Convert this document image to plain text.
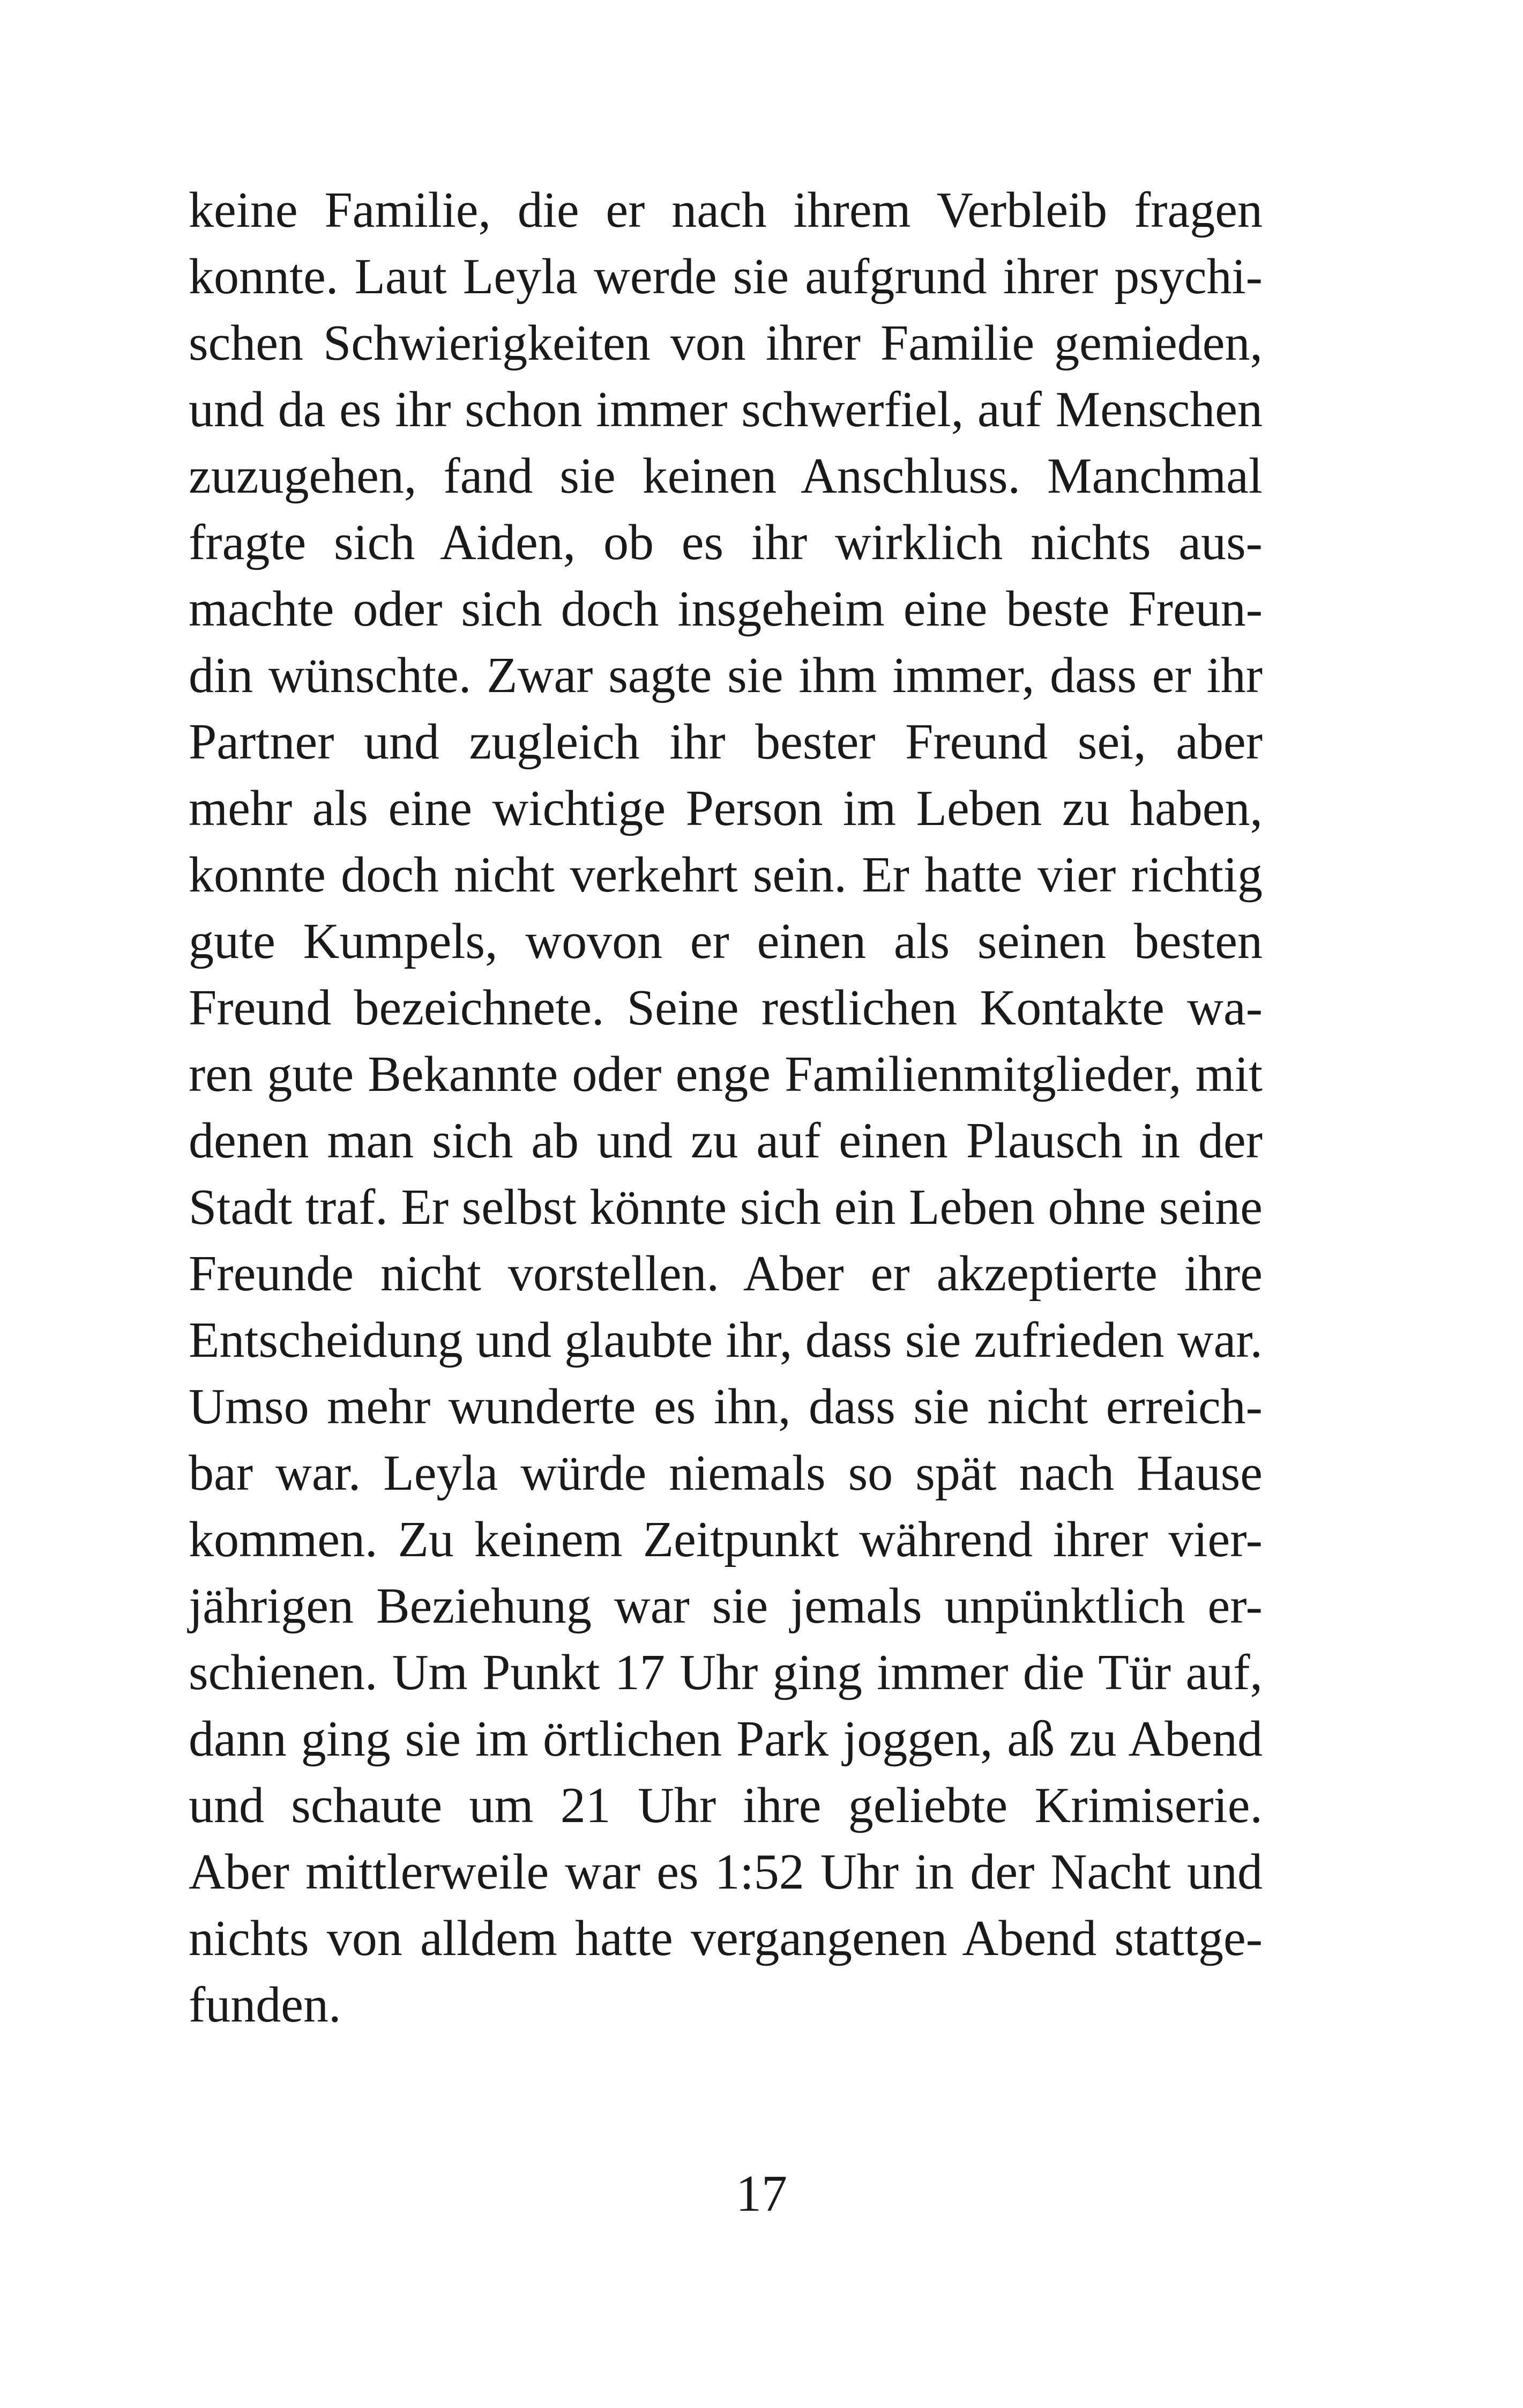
keine Familie, die er nach ihrem Verbleib fragen
konnte. Laut Leyla werde sie aufgrund ihrer psychi-
schen Schwierigkeiten von ihrer Familie gemieden,
und da es ihr schon immer schwerfiel, auf Menschen
zuzugehen, fand sie keinen Anschluss. Manchmal
fragte sich Aiden, ob es ihr wirklich nichts aus-
machte oder sich doch insgeheim eine beste Freun-
din wünschte. Zwar sagte sie ihm immer, dass er ihr
Partner und zugleich ihr bester Freund sei, aber
mehr als eine wichtige Person im Leben zu haben,
konnte doch nicht verkehrt sein. Er hatte vier richtig
gute Kumpels, wovon er einen als seinen besten
Freund bezeichnete. Seine restlichen Kontakte wa-
ren gute Bekannte oder enge Familienmitglieder, mit
denen man sich ab und zu auf einen Plausch in der
Stadt traf. Er selbst könnte sich ein Leben ohne seine
Freunde nicht vorstellen. Aber er akzeptierte ihre
Entscheidung und glaubte ihr, dass sie zufrieden war.
Umso mehr wunderte es ihn, dass sie nicht erreich-
bar war. Leyla würde niemals so spät nach Hause
kommen. Zu keinem Zeitpunkt während ihrer vier-
jährigen Beziehung war sie jemals unpünktlich er-
schienen. Um Punkt 17 Uhr ging immer die Tür auf,
dann ging sie im örtlichen Park joggen, aß zu Abend
und schaute um 21 Uhr ihre geliebte Krimiserie.
Aber mittlerweile war es 1:52 Uhr in der Nacht und
nichts von alldem hatte vergangenen Abend stattge-
funden.
17
